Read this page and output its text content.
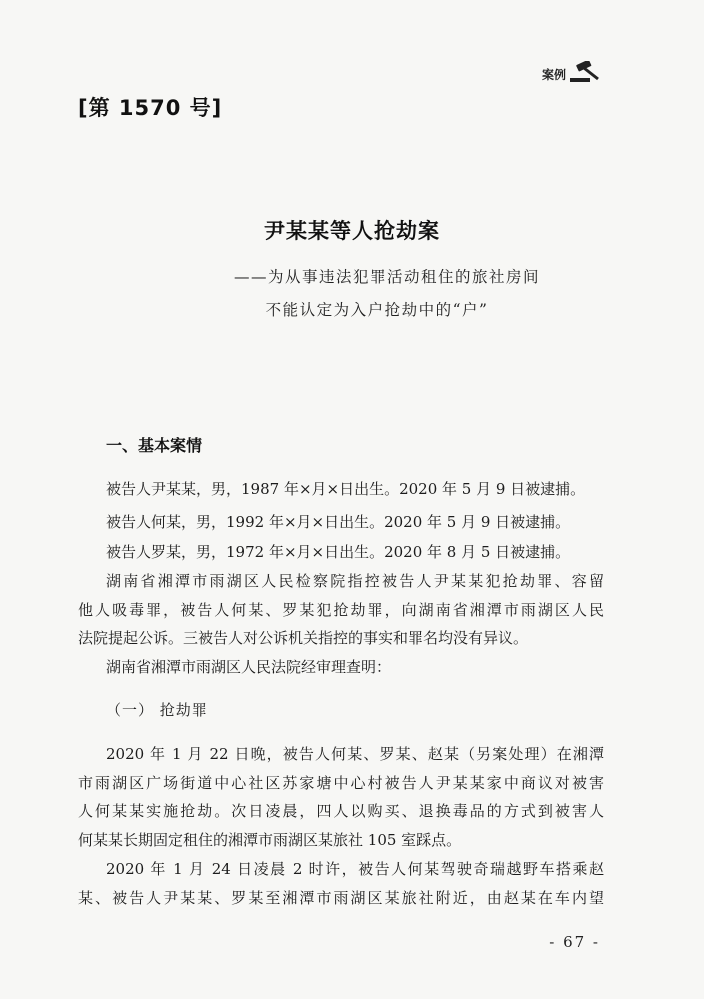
案例
[第 1570 号]
尹某某等人抢劫案
——为从事违法犯罪活动租住的旅社房间
不能认定为入户抢劫中的“户”
一、基本案情
被告人尹某某，男，1987 年×月×日出生。2020 年 5 月 9 日被逮捕。
被告人何某，男，1992 年×月×日出生。2020 年 5 月 9 日被逮捕。
被告人罗某，男，1972 年×月×日出生。2020 年 8 月 5 日被逮捕。
湖南省湘潭市雨湖区人民检察院指控被告人尹某某犯抢劫罪、容留
他人吸毒罪，被告人何某、罗某犯抢劫罪，向湖南省湘潭市雨湖区人民
法院提起公诉。三被告人对公诉机关指控的事实和罪名均没有异议。
湖南省湘潭市雨湖区人民法院经审理查明：
（一） 抢劫罪
2020 年 1 月 22 日晚，被告人何某、罗某、赵某（另案处理）在湘潭
市雨湖区广场街道中心社区苏家塘中心村被告人尹某某家中商议对被害
人何某某实施抢劫。次日凌晨，四人以购买、退换毒品的方式到被害人
何某某长期固定租住的湘潭市雨湖区某旅社 105 室踩点。
2020 年 1 月 24 日凌晨 2 时许，被告人何某驾驶奇瑞越野车搭乘赵
某、被告人尹某某、罗某至湘潭市雨湖区某旅社附近，由赵某在车内望
- 67 -
